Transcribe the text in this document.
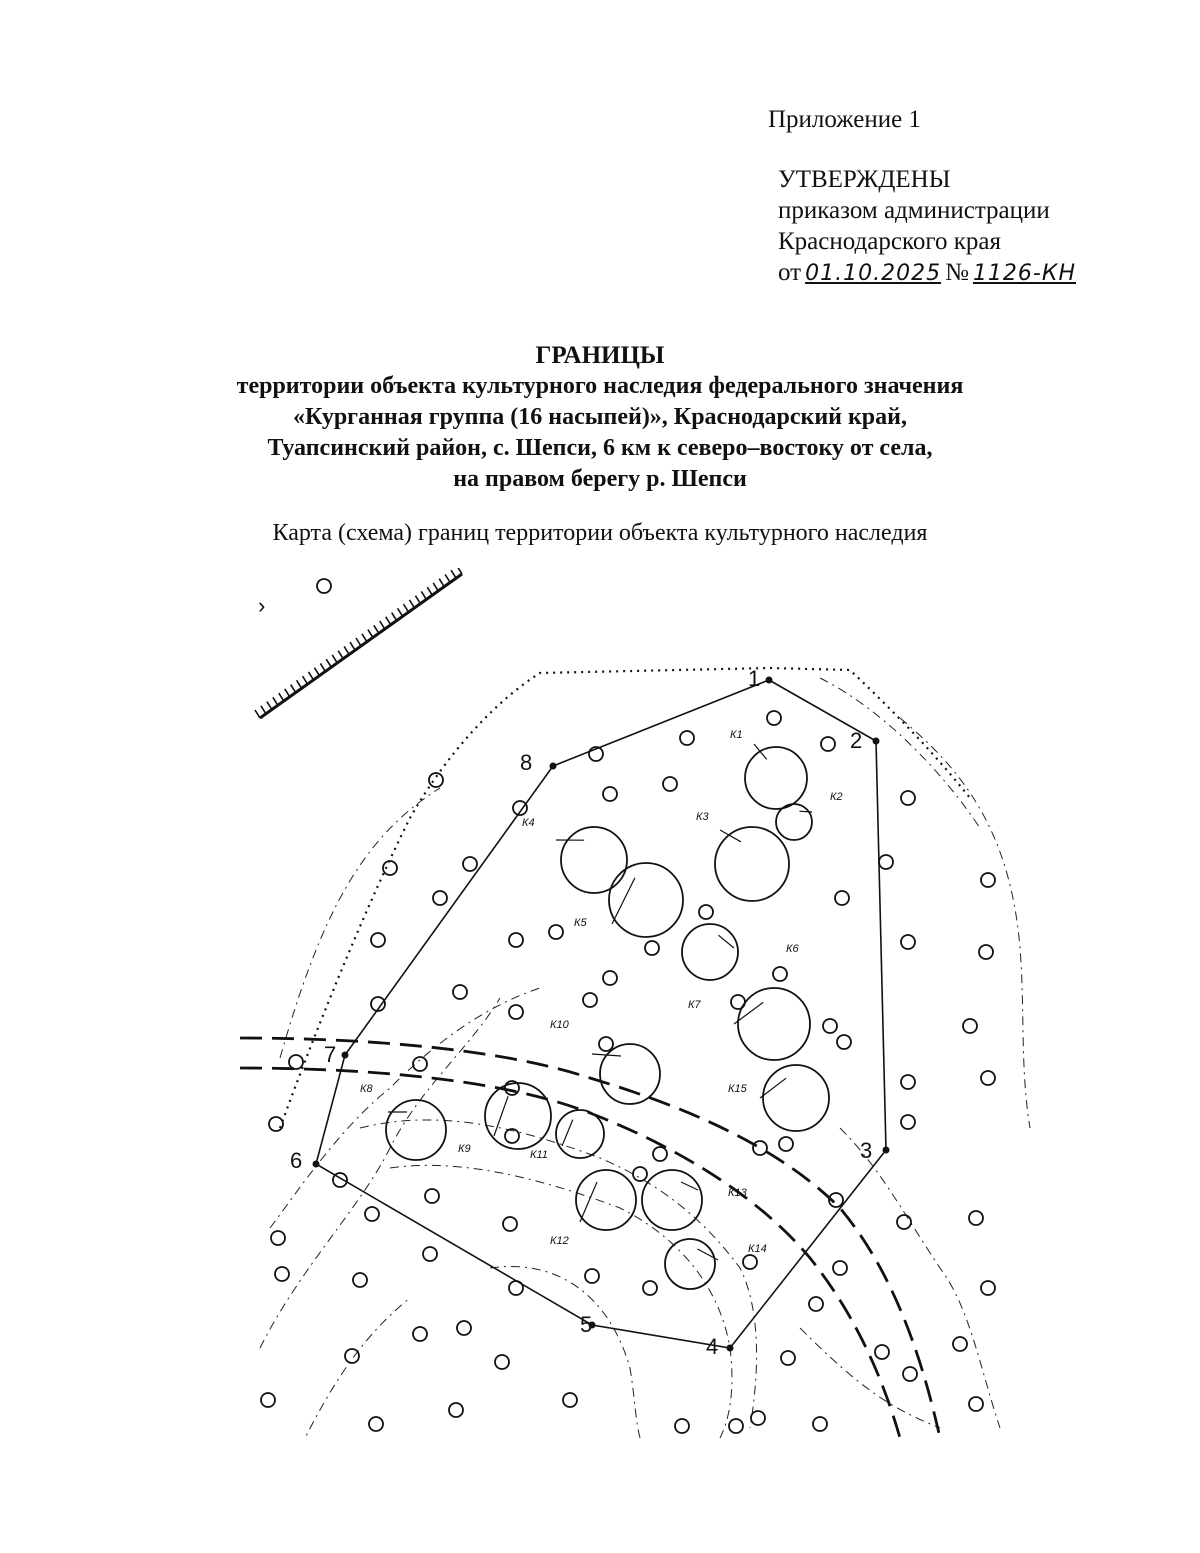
Приложение 1
УТВЕРЖДЕНЫ
приказом администрации
Краснодарского края
от 01.10.2025 № 1126-КН
ГРАНИЦЫ
территории объекта культурного наследия федерального значения
«Курганная группа (16 насыпей)», Краснодарский край,
Туапсинский район, с. Шепси, 6 км к северо–востоку от села,
на правом берегу р. Шепси
Карта (схема) границ территории объекта культурного наследия
К1
К2
К3
К4
К5
К6
К7
К8
К9
К10
К11
К12
К13
К14
К15
1
2
3
4
5
6
7
8
›
